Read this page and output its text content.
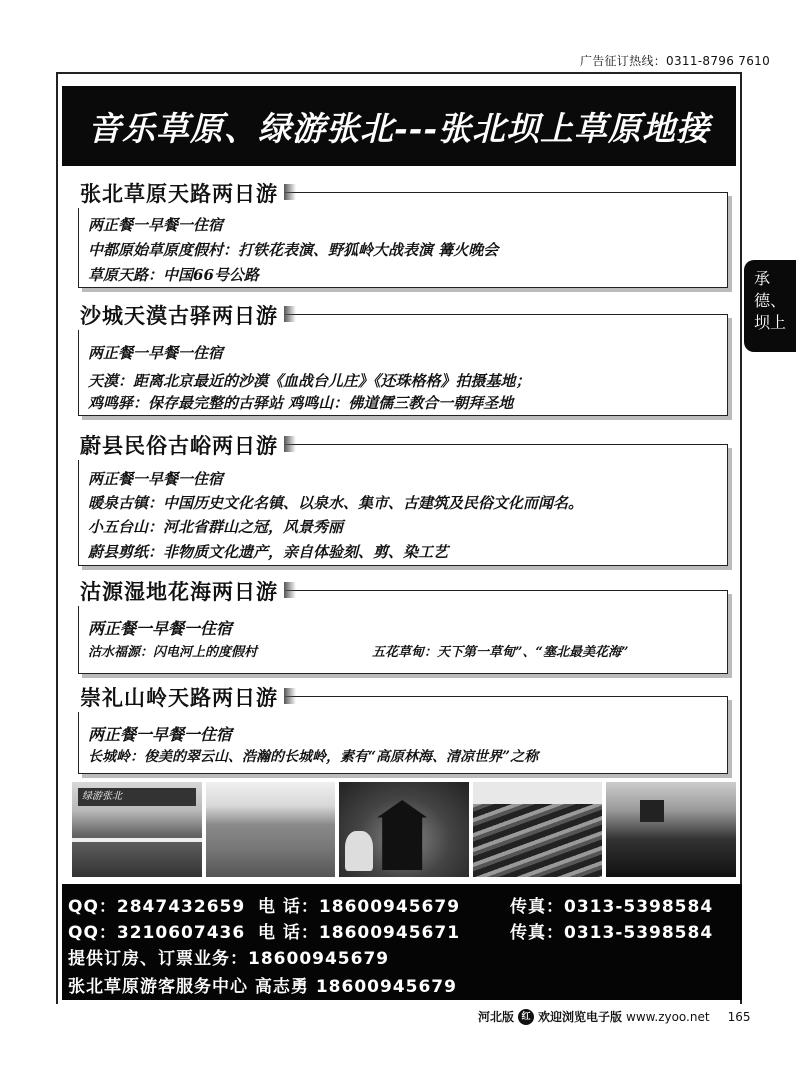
广告征订热线：0311-8796 7610
音乐草原、绿游张北---张北坝上草原地接
承
德、
坝上
张北草原天路两日游
两正餐一早餐一住宿
中都原始草原度假村：打铁花表演、野狐岭大战表演 篝火晚会
草原天路：中国66号公路
沙城天漠古驿两日游
两正餐一早餐一住宿
天漠：距离北京最近的沙漠《血战台儿庄》《还珠格格》拍摄基地；
鸡鸣驿：保存最完整的古驿站 鸡鸣山：佛道儒三教合一朝拜圣地
蔚县民俗古峪两日游
两正餐一早餐一住宿
暖泉古镇：中国历史文化名镇、以泉水、集市、古建筑及民俗文化而闻名。
小五台山：河北省群山之冠，风景秀丽
蔚县剪纸：非物质文化遗产，亲自体验刻、剪、染工艺
沽源湿地花海两日游
两正餐一早餐一住宿
沽水福源：闪电河上的度假村	五花草甸：天下第一草甸”、“塞北最美花海”
崇礼山岭天路两日游
两正餐一早餐一住宿
长城岭：俊美的翠云山、浩瀚的长城岭，素有“高原林海、清凉世界”之称
绿游张北
QQ：2847432659 电 话：18600945679	传真：0313-5398584
QQ：3210607436 电 话：18600945671	传真：0313-5398584
提供订房、订票业务：18600945679
张北草原游客服务中心 高志勇 18600945679
河北版 红 欢迎浏览电子版 www.zyoo.net 165
